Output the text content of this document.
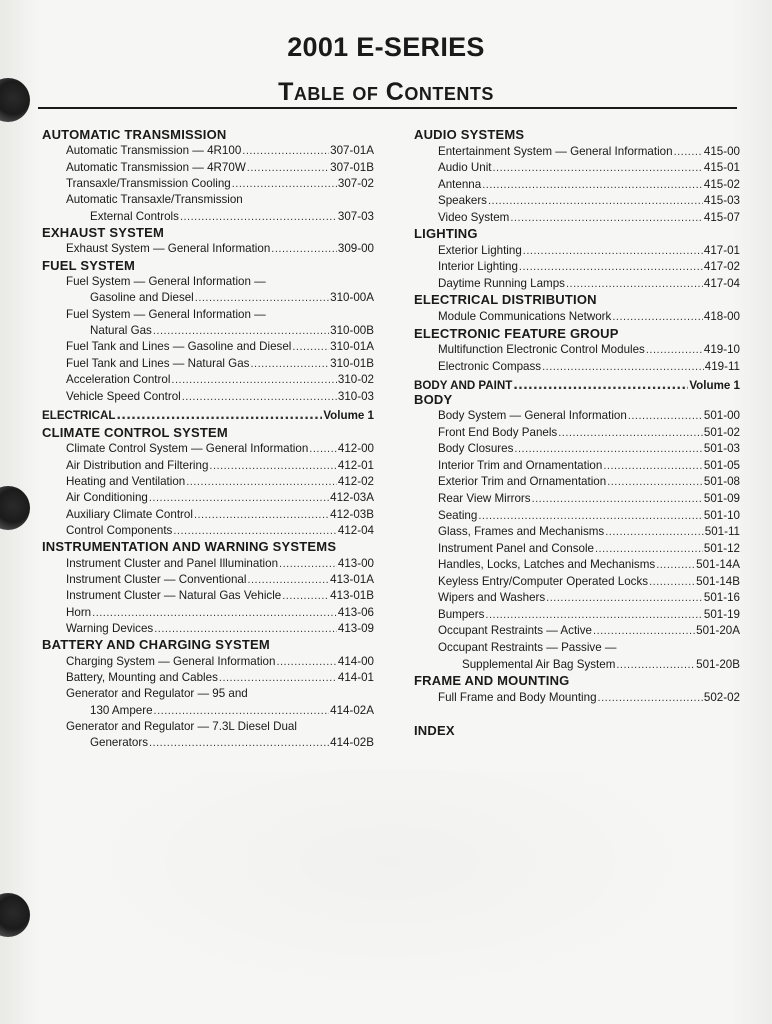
2001 E-SERIES
Table of Contents
AUTOMATIC TRANSMISSION
Automatic Transmission — 4R100 .....	307-01A
Automatic Transmission — 4R70W .....	307-01B
Transaxle/Transmission Cooling .....	307-02
Automatic Transaxle/Transmission
External Controls .....	307-03
EXHAUST SYSTEM
Exhaust System — General Information .....	309-00
FUEL SYSTEM
Fuel System — General Information —
Gasoline and Diesel .....	310-00A
Fuel System — General Information —
Natural Gas .....	310-00B
Fuel Tank and Lines — Gasoline and Diesel .....	310-01A
Fuel Tank and Lines — Natural Gas .....	310-01B
Acceleration Control .....	310-02
Vehicle Speed Control .....	310-03
ELECTRICAL .....	Volume 1
CLIMATE CONTROL SYSTEM
Climate Control System — General Information .....	412-00
Air Distribution and Filtering .....	412-01
Heating and Ventilation .....	412-02
Air Conditioning .....	412-03A
Auxiliary Climate Control .....	412-03B
Control Components .....	412-04
INSTRUMENTATION AND WARNING SYSTEMS
Instrument Cluster and Panel Illumination .....	413-00
Instrument Cluster — Conventional .....	413-01A
Instrument Cluster — Natural Gas Vehicle .....	413-01B
Horn .....	413-06
Warning Devices .....	413-09
BATTERY AND CHARGING SYSTEM
Charging System — General Information .....	414-00
Battery, Mounting and Cables .....	414-01
Generator and Regulator — 95 and
130 Ampere .....	414-02A
Generator and Regulator — 7.3L Diesel Dual
Generators .....	414-02B
AUDIO SYSTEMS
Entertainment System — General Information .....	415-00
Audio Unit .....	415-01
Antenna .....	415-02
Speakers .....	415-03
Video System .....	415-07
LIGHTING
Exterior Lighting .....	417-01
Interior Lighting .....	417-02
Daytime Running Lamps .....	417-04
ELECTRICAL DISTRIBUTION
Module Communications Network .....	418-00
ELECTRONIC FEATURE GROUP
Multifunction Electronic Control Modules .....	419-10
Electronic Compass .....	419-11
BODY AND PAINT .....	Volume 1
BODY
Body System — General Information .....	501-00
Front End Body Panels .....	501-02
Body Closures .....	501-03
Interior Trim and Ornamentation .....	501-05
Exterior Trim and Ornamentation .....	501-08
Rear View Mirrors .....	501-09
Seating .....	501-10
Glass, Frames and Mechanisms .....	501-11
Instrument Panel and Console .....	501-12
Handles, Locks, Latches and Mechanisms .....	501-14A
Keyless Entry/Computer Operated Locks .....	501-14B
Wipers and Washers .....	501-16
Bumpers .....	501-19
Occupant Restraints — Active .....	501-20A
Occupant Restraints — Passive —
Supplemental Air Bag System .....	501-20B
FRAME AND MOUNTING
Full Frame and Body Mounting .....	502-02
INDEX
